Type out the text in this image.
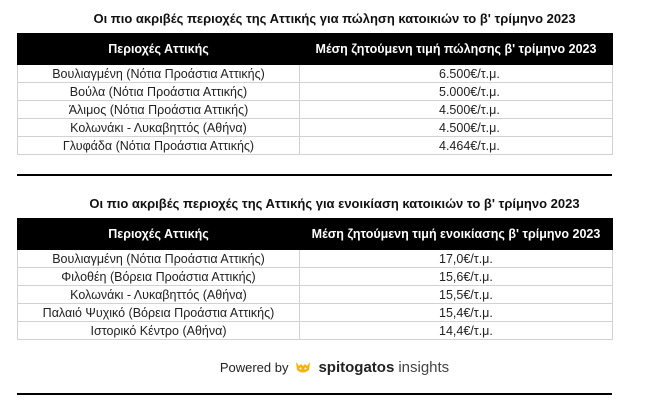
Οι πιο ακριβές περιοχές της Αττικής για πώληση κατοικιών το β' τρίμηνο 2023
Περιοχές Αττικής	Μέση ζητούμενη τιμή πώλησης β' τρίμηνο 2023
Βουλιαγμένη (Νότια Προάστια Αττικής)	6.500€/τ.μ.
Βούλα (Νότια Προάστια Αττικής)	5.000€/τ.μ.
Άλιμος (Νότια Προάστια Αττικής)	4.500€/τ.μ.
Κολωνάκι - Λυκαβηττός (Αθήνα)	4.500€/τ.μ.
Γλυφάδα (Νότια Προάστια Αττικής)	4.464€/τ.μ.
Οι πιο ακριβές περιοχές της Αττικής για ενοικίαση κατοικιών το β' τρίμηνο 2023
Περιοχές Αττικής	Μέση ζητούμενη τιμή ενοικίασης β' τρίμηνο 2023
Βουλιαγμένη (Νότια Προάστια Αττικής)	17,0€/τ.μ.
Φιλοθέη (Βόρεια Προάστια Αττικής)	15,6€/τ.μ.
Κολωνάκι - Λυκαβηττός (Αθήνα)	15,5€/τ.μ.
Παλαιό Ψυχικό (Βόρεια Προάστια Αττικής)	15,4€/τ.μ.
Ιστορικό Κέντρο (Αθήνα)	14,4€/τ.μ.
Powered by spitogatos insights
